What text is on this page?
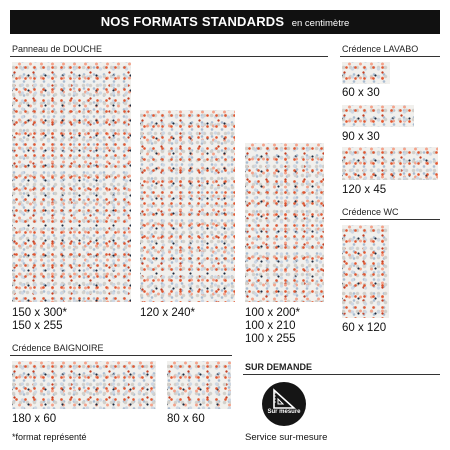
NOS FORMATS STANDARDS en centimètre
Panneau de DOUCHE
150 x 300*
150 x 255
120 x 240*	100 x 200*
100 x 210
100 x 255
Crédence LAVABO
60 x 30
90 x 30
120 x 45
Crédence WC
60 x 120
Crédence BAIGNOIRE
180 x 60	80 x 60
*format représenté
SUR DEMANDE
Sur mesure
Service sur-mesure
